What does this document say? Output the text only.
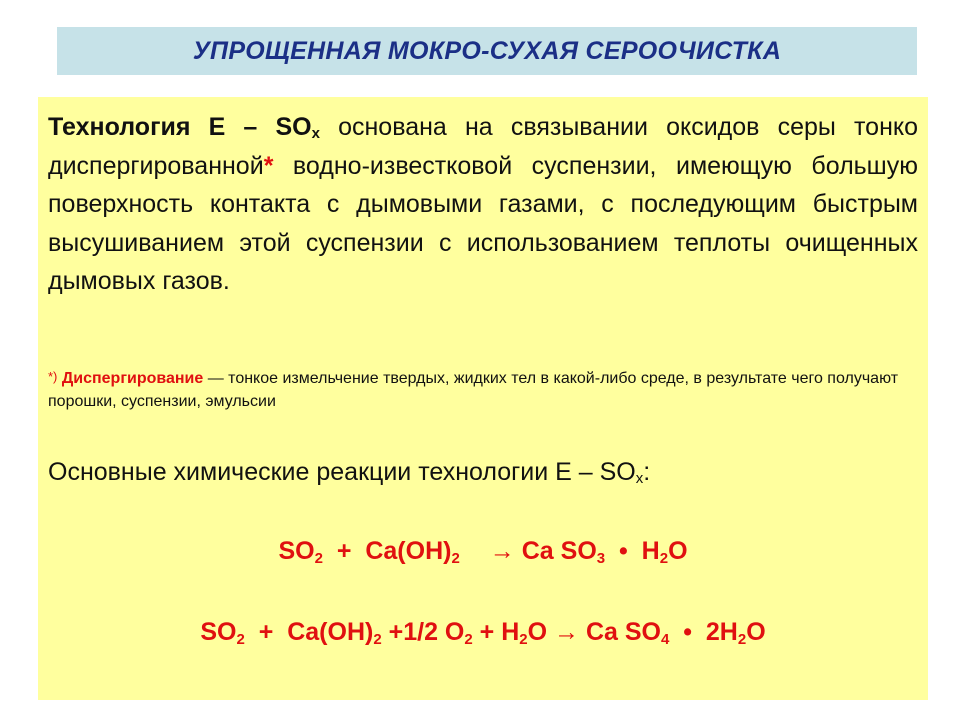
УПРОЩЕННАЯ МОКРО-СУХАЯ СЕРООЧИСТКА

Технология Е – $SO_x$ основана на связывании оксидов серы тонко диспергированной* водно-известковой суспензии, имеющую большую поверхность контакта с дымовыми газами, с последующим быстрым высушиванием этой суспензии с использованием теплоты очищенных дымовых газов.

*) Диспергирование — тонкое измельчение твердых, жидких тел в какой-либо среде, в результате чего получают порошки, суспензии, эмульсии

Основные химические реакции технологии Е – $SO_x$:

$SO_2 + Ca(OH)_2 \to Ca$ $SO_3$  •  $H_2O$

$SO_2 + Ca(OH)_2 +1/2$ $O_2 + H_2O \to Ca$ $SO_4$  •  $2H_2O$
